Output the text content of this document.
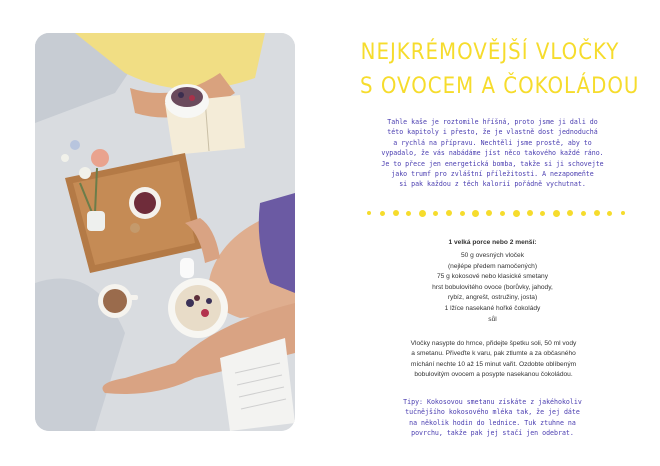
NEJKRÉMOVĚJŠÍ VLOČKY
S OVOCEM A ČOKOLÁDOU
Tahle kaše je roztomile hříšná, proto jsme ji dali do
této kapitoly i přesto, že je vlastně dost jednoduchá
a rychlá na přípravu. Nechtěli jsme prostě, aby to
vypadalo, že vás nabádáme jíst něco takového každé ráno.
Je to přece jen energetická bomba, takže si ji schovejte
jako trumf pro zvláštní příležitosti. A nezapomeňte
si pak každou z těch kalorií pořádně vychutnat.
1 velká porce nebo 2 menší:
50 g ovesných vloček
(nejlépe předem namočených)
75 g kokosové nebo klasické smetany
hrst bobulovitého ovoce (borůvky, jahody,
rybíz, angrešt, ostružiny, josta)
1 lžíce nasekané hořké čokolády
sůl
Vločky nasypte do hrnce, přidejte špetku soli, 50 ml vody
a smetanu. Přiveďte k varu, pak ztlumte a za občasného
míchání nechte 10 až 15 minut vařit. Ozdobte oblíbeným
bobulovitým ovocem a posypte nasekanou čokoládou.
Tipy: Kokosovou smetanu získáte z jakéhokoliv
tučnějšího kokosového mléka tak, že jej dáte
na několik hodin do lednice. Tuk ztuhne na
povrchu, takže pak jej stačí jen odebrat.
